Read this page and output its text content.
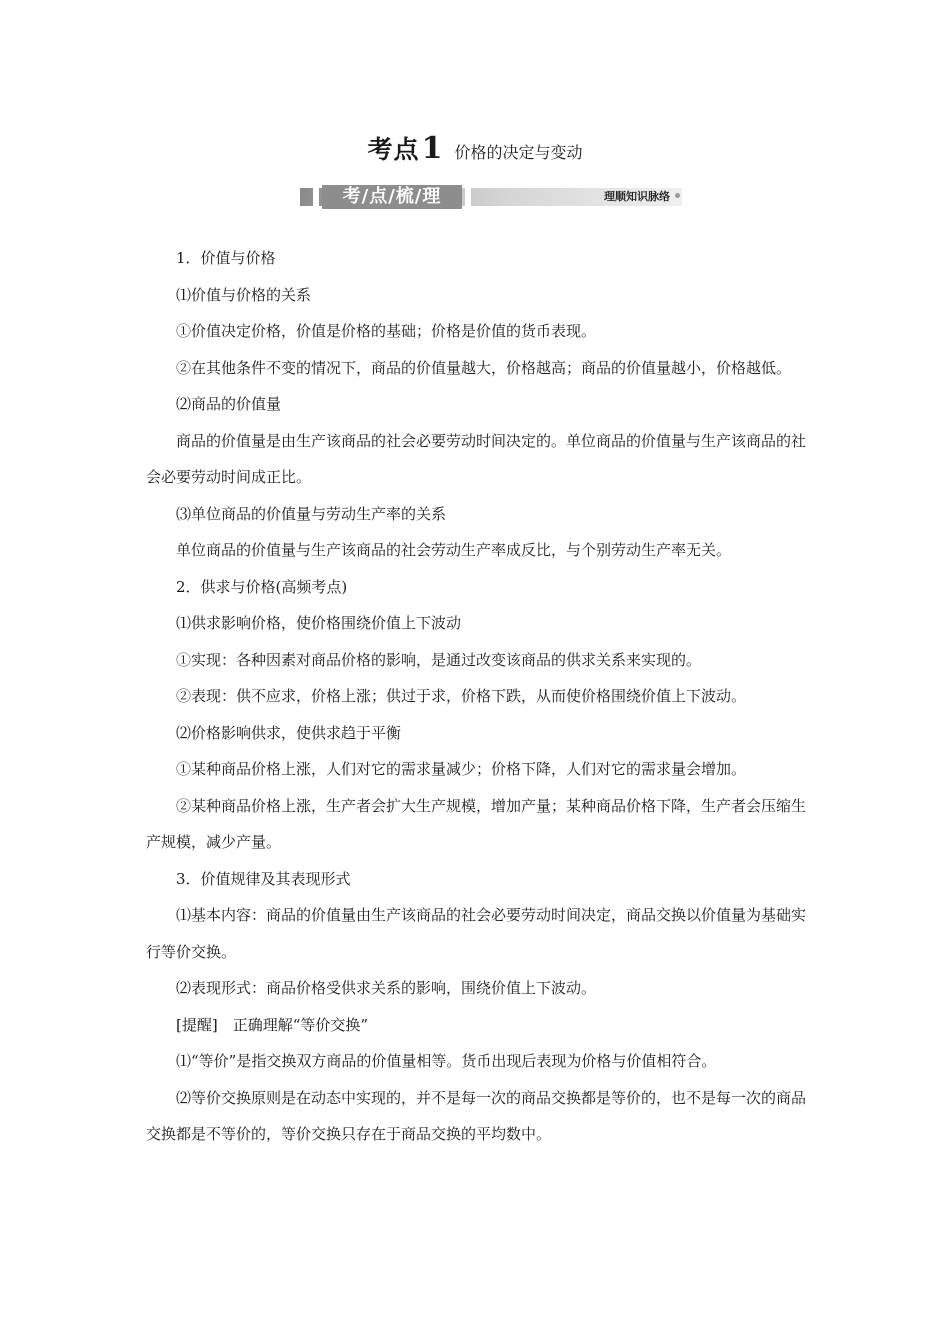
考点1 价格的决定与变动
考/点/梳/理	理顺知识脉络

1．价值与价格

⑴价值与价格的关系

①价值决定价格，价值是价格的基础；价格是价值的货币表现。

②在其他条件不变的情况下，商品的价值量越大，价格越高；商品的价值量越小，价格越低。

⑵商品的价值量

商品的价值量是由生产该商品的社会必要劳动时间决定的。单位商品的价值量与生产该商品的社会必要劳动时间成正比。

⑶单位商品的价值量与劳动生产率的关系

单位商品的价值量与生产该商品的社会劳动生产率成反比，与个别劳动生产率无关。

2．供求与价格(高频考点)

⑴供求影响价格，使价格围绕价值上下波动

①实现：各种因素对商品价格的影响，是通过改变该商品的供求关系来实现的。

②表现：供不应求，价格上涨；供过于求，价格下跌，从而使价格围绕价值上下波动。

⑵价格影响供求，使供求趋于平衡

①某种商品价格上涨，人们对它的需求量减少；价格下降，人们对它的需求量会增加。

②某种商品价格上涨，生产者会扩大生产规模，增加产量；某种商品价格下降，生产者会压缩生产规模，减少产量。

3．价值规律及其表现形式

⑴基本内容：商品的价值量由生产该商品的社会必要劳动时间决定，商品交换以价值量为基础实行等价交换。

⑵表现形式：商品价格受供求关系的影响，围绕价值上下波动。

[提醒]　正确理解“等价交换”

⑴“等价”是指交换双方商品的价值量相等。货币出现后表现为价格与价值相符合。

⑵等价交换原则是在动态中实现的，并不是每一次的商品交换都是等价的，也不是每一次的商品交换都是不等价的，等价交换只存在于商品交换的平均数中。
